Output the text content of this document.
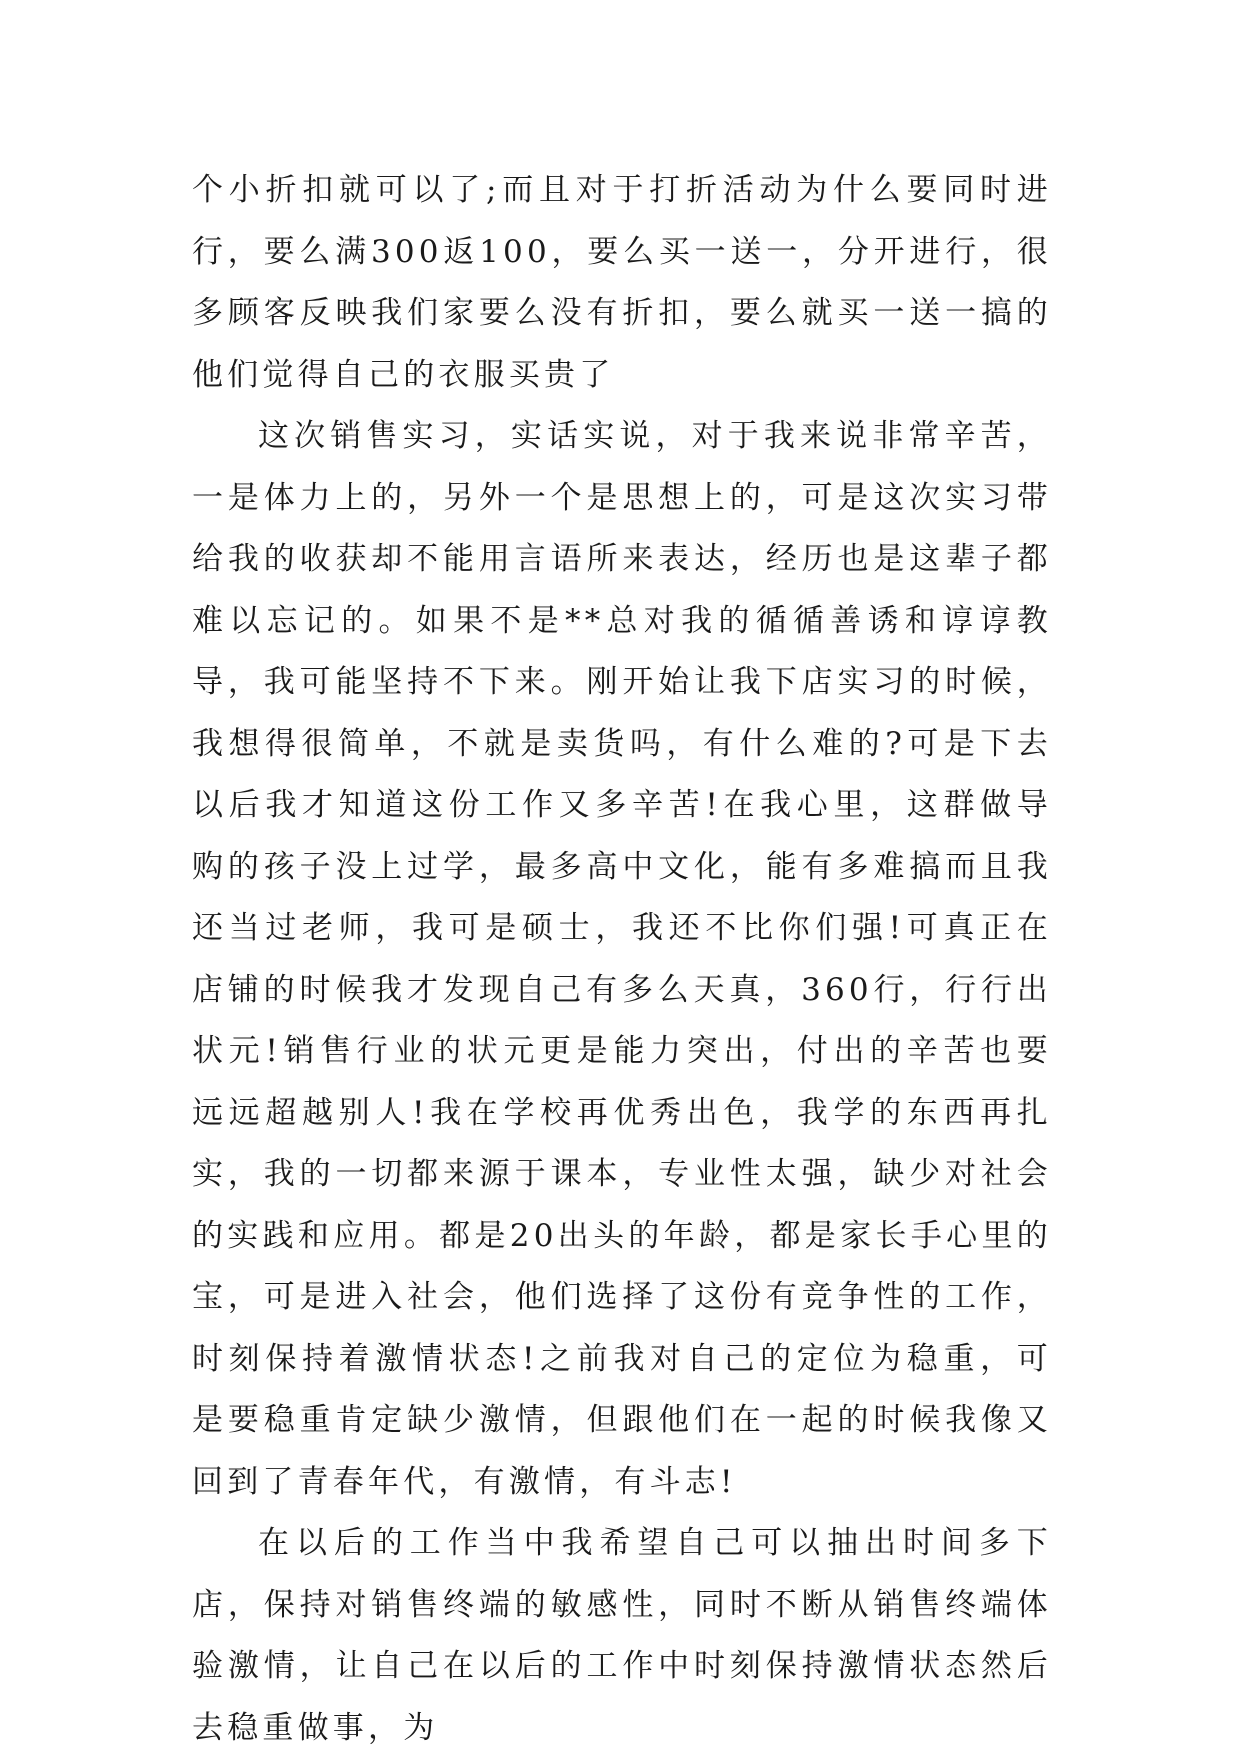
个小折扣就可以了;而且对于打折活动为什么要同时进行，要么满300返100，要么买一送一，分开进行，很多顾客反映我们家要么没有折扣，要么就买一送一搞的他们觉得自己的衣服买贵了

这次销售实习，实话实说，对于我来说非常辛苦，一是体力上的，另外一个是思想上的，可是这次实习带给我的收获却不能用言语所来表达，经历也是这辈子都难以忘记的。如果不是**总对我的循循善诱和谆谆教导，我可能坚持不下来。刚开始让我下店实习的时候，我想得很简单，不就是卖货吗，有什么难的?可是下去以后我才知道这份工作又多辛苦!在我心里，这群做导购的孩子没上过学，最多高中文化，能有多难搞而且我还当过老师，我可是硕士，我还不比你们强!可真正在店铺的时候我才发现自己有多么天真，360行，行行出状元!销售行业的状元更是能力突出，付出的辛苦也要远远超越别人!我在学校再优秀出色，我学的东西再扎实，我的一切都来源于课本，专业性太强，缺少对社会的实践和应用。都是20出头的年龄，都是家长手心里的宝，可是进入社会，他们选择了这份有竞争性的工作，时刻保持着激情状态!之前我对自己的定位为稳重，可是要稳重肯定缺少激情，但跟他们在一起的时候我像又回到了青春年代，有激情，有斗志!

在以后的工作当中我希望自己可以抽出时间多下店，保持对销售终端的敏感性，同时不断从销售终端体验激情，让自己在以后的工作中时刻保持激情状态然后去稳重做事，为
